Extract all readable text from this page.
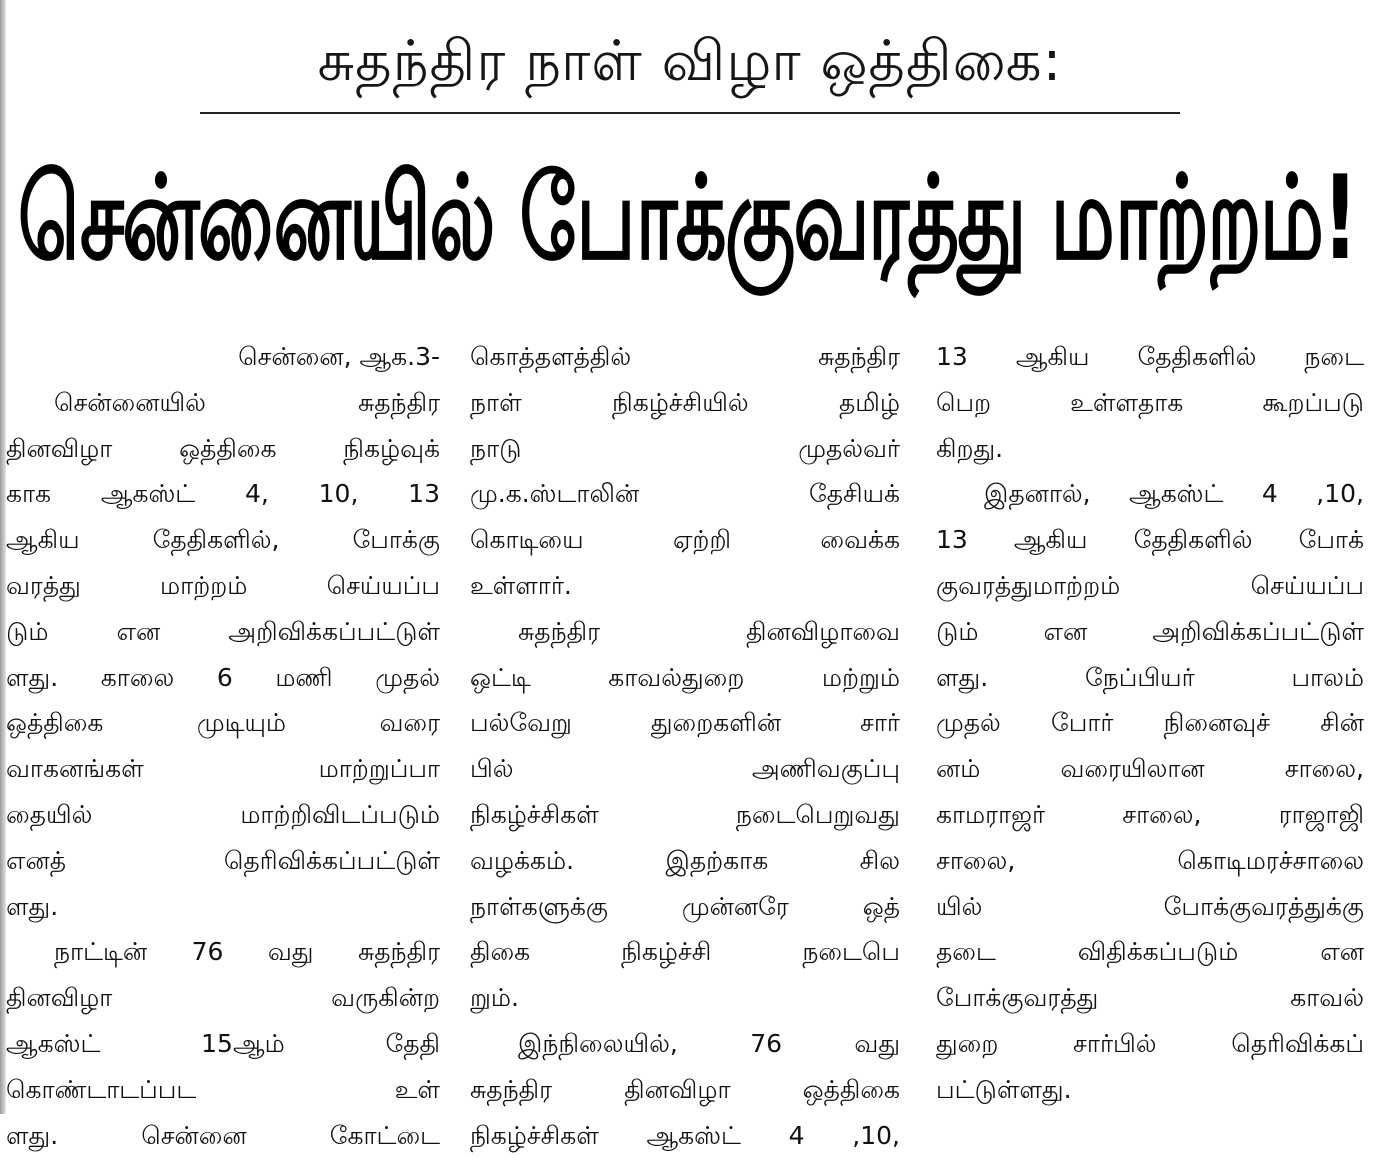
சுதந்திர நாள் விழா ஒத்திகை:
சென்னையில் போக்குவரத்து மாற்றம்!
சென்னை, ஆக.3-
சென்னையில் சுதந்திர
தினவிழா ஒத்திகை நிகழ்வுக்
காக ஆகஸ்ட் 4, 10, 13
ஆகிய தேதிகளில், போக்கு
வரத்து மாற்றம் செய்யப்ப
டும் என அறிவிக்கப்பட்டுள்
ளது. காலை 6 மணி முதல்
ஒத்திகை முடியும் வரை
வாகனங்கள் மாற்றுப்பா
தையில் மாற்றிவிடப்படும்
எனத் தெரிவிக்கப்பட்டுள்
ளது.
நாட்டின் 76 வது சுதந்திர
தினவிழா வருகின்ற
ஆகஸ்ட் 15ஆம் தேதி
கொண்டாடப்பட உள்
ளது. சென்னை கோட்டை
கொத்தளத்தில் சுதந்திர
நாள் நிகழ்ச்சியில் தமிழ்
நாடு முதல்வர்
மு.க.ஸ்டாலின் தேசியக்
கொடியை ஏற்றி வைக்க
உள்ளார்.
சுதந்திர தினவிழாவை
ஒட்டி காவல்துறை மற்றும்
பல்வேறு துறைகளின் சார்
பில் அணிவகுப்பு
நிகழ்ச்சிகள் நடைபெறுவது
வழக்கம். இதற்காக சில
நாள்களுக்கு முன்னரே ஒத்
திகை நிகழ்ச்சி நடைபெ
றும்.
இந்நிலையில், 76 வது
சுதந்திர தினவிழா ஒத்திகை
நிகழ்ச்சிகள் ஆகஸ்ட் 4 ,10,
13 ஆகிய தேதிகளில் நடை
பெற உள்ளதாக கூறப்படு
கிறது.
இதனால், ஆகஸ்ட் 4 ,10,
13 ஆகிய தேதிகளில் போக்
குவரத்துமாற்றம் செய்யப்ப
டும் என அறிவிக்கப்பட்டுள்
ளது. நேப்பியர் பாலம்
முதல் போர் நினைவுச் சின்
னம் வரையிலான சாலை,
காமராஜர் சாலை, ராஜாஜி
சாலை, கொடிமரச்சாலை
யில் போக்குவரத்துக்கு
தடை விதிக்கப்படும் என
போக்குவரத்து காவல்
துறை சார்பில் தெரிவிக்கப்
பட்டுள்ளது.
